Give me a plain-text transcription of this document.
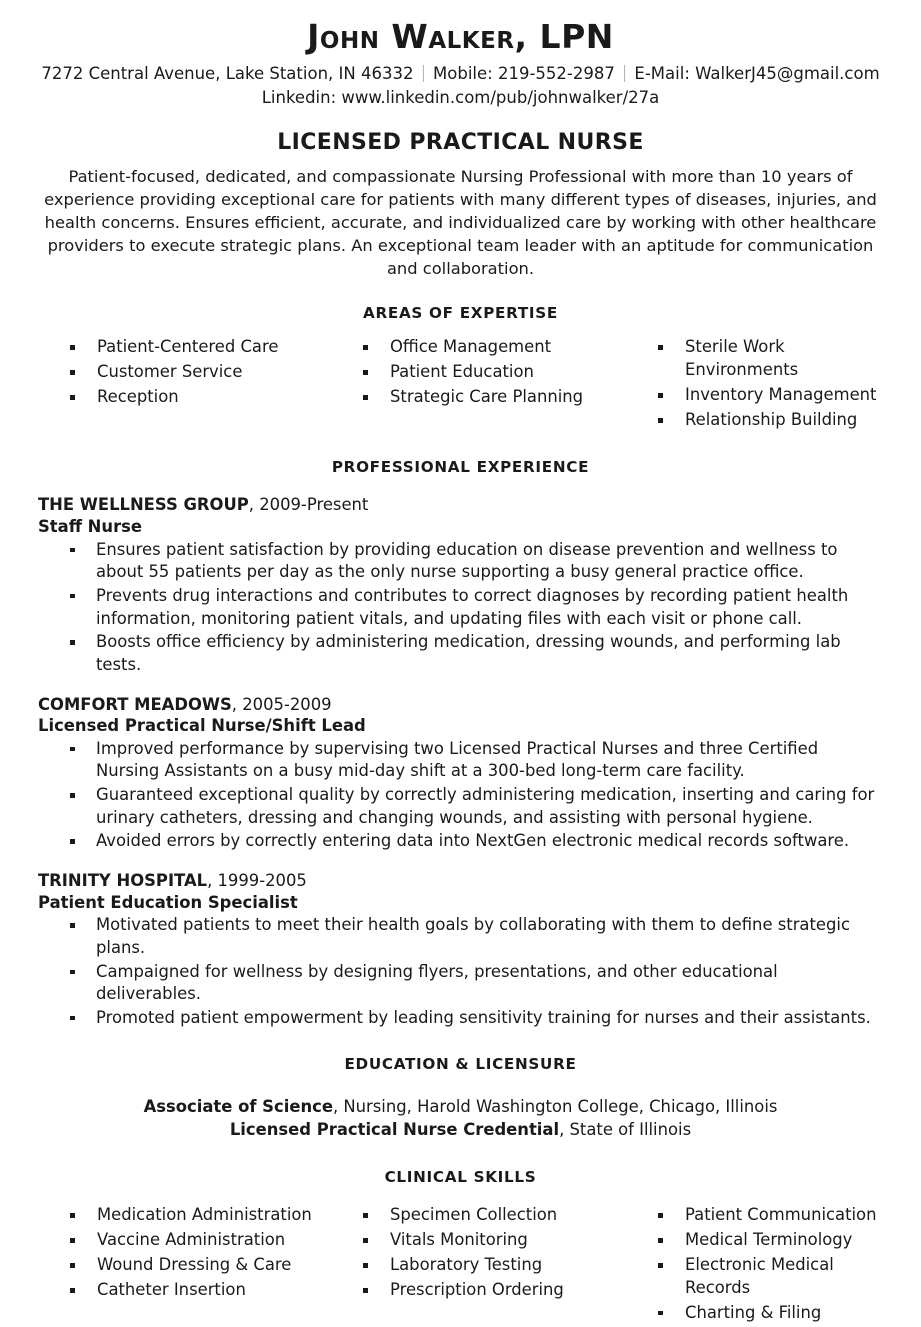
John Walker, LPN
7272 Central Avenue, Lake Station, IN 46332 | Mobile: 219-552-2987 | E-Mail: WalkerJ45@gmail.com
Linkedin: www.linkedin.com/pub/johnwalker/27a
LICENSED PRACTICAL NURSE
Patient-focused, dedicated, and compassionate Nursing Professional with more than 10 years of experience providing exceptional care for patients with many different types of diseases, injuries, and health concerns. Ensures efficient, accurate, and individualized care by working with other healthcare providers to execute strategic plans. An exceptional team leader with an aptitude for communication and collaboration.
AREAS OF EXPERTISE
Patient-Centered Care
Customer Service
Reception
Office Management
Patient Education
Strategic Care Planning
Sterile Work Environments
Inventory Management
Relationship Building
PROFESSIONAL EXPERIENCE
THE WELLNESS GROUP, 2009-Present
Staff Nurse
Ensures patient satisfaction by providing education on disease prevention and wellness to about 55 patients per day as the only nurse supporting a busy general practice office.
Prevents drug interactions and contributes to correct diagnoses by recording patient health information, monitoring patient vitals, and updating files with each visit or phone call.
Boosts office efficiency by administering medication, dressing wounds, and performing lab tests.
COMFORT MEADOWS, 2005-2009
Licensed Practical Nurse/Shift Lead
Improved performance by supervising two Licensed Practical Nurses and three Certified Nursing Assistants on a busy mid-day shift at a 300-bed long-term care facility.
Guaranteed exceptional quality by correctly administering medication, inserting and caring for urinary catheters, dressing and changing wounds, and assisting with personal hygiene.
Avoided errors by correctly entering data into NextGen electronic medical records software.
TRINITY HOSPITAL, 1999-2005
Patient Education Specialist
Motivated patients to meet their health goals by collaborating with them to define strategic plans.
Campaigned for wellness by designing flyers, presentations, and other educational deliverables.
Promoted patient empowerment by leading sensitivity training for nurses and their assistants.
EDUCATION & LICENSURE
Associate of Science, Nursing, Harold Washington College, Chicago, Illinois
Licensed Practical Nurse Credential, State of Illinois
CLINICAL SKILLS
Medication Administration
Vaccine Administration
Wound Dressing & Care
Catheter Insertion
Specimen Collection
Vitals Monitoring
Laboratory Testing
Prescription Ordering
Patient Communication
Medical Terminology
Electronic Medical Records
Charting & Filing
